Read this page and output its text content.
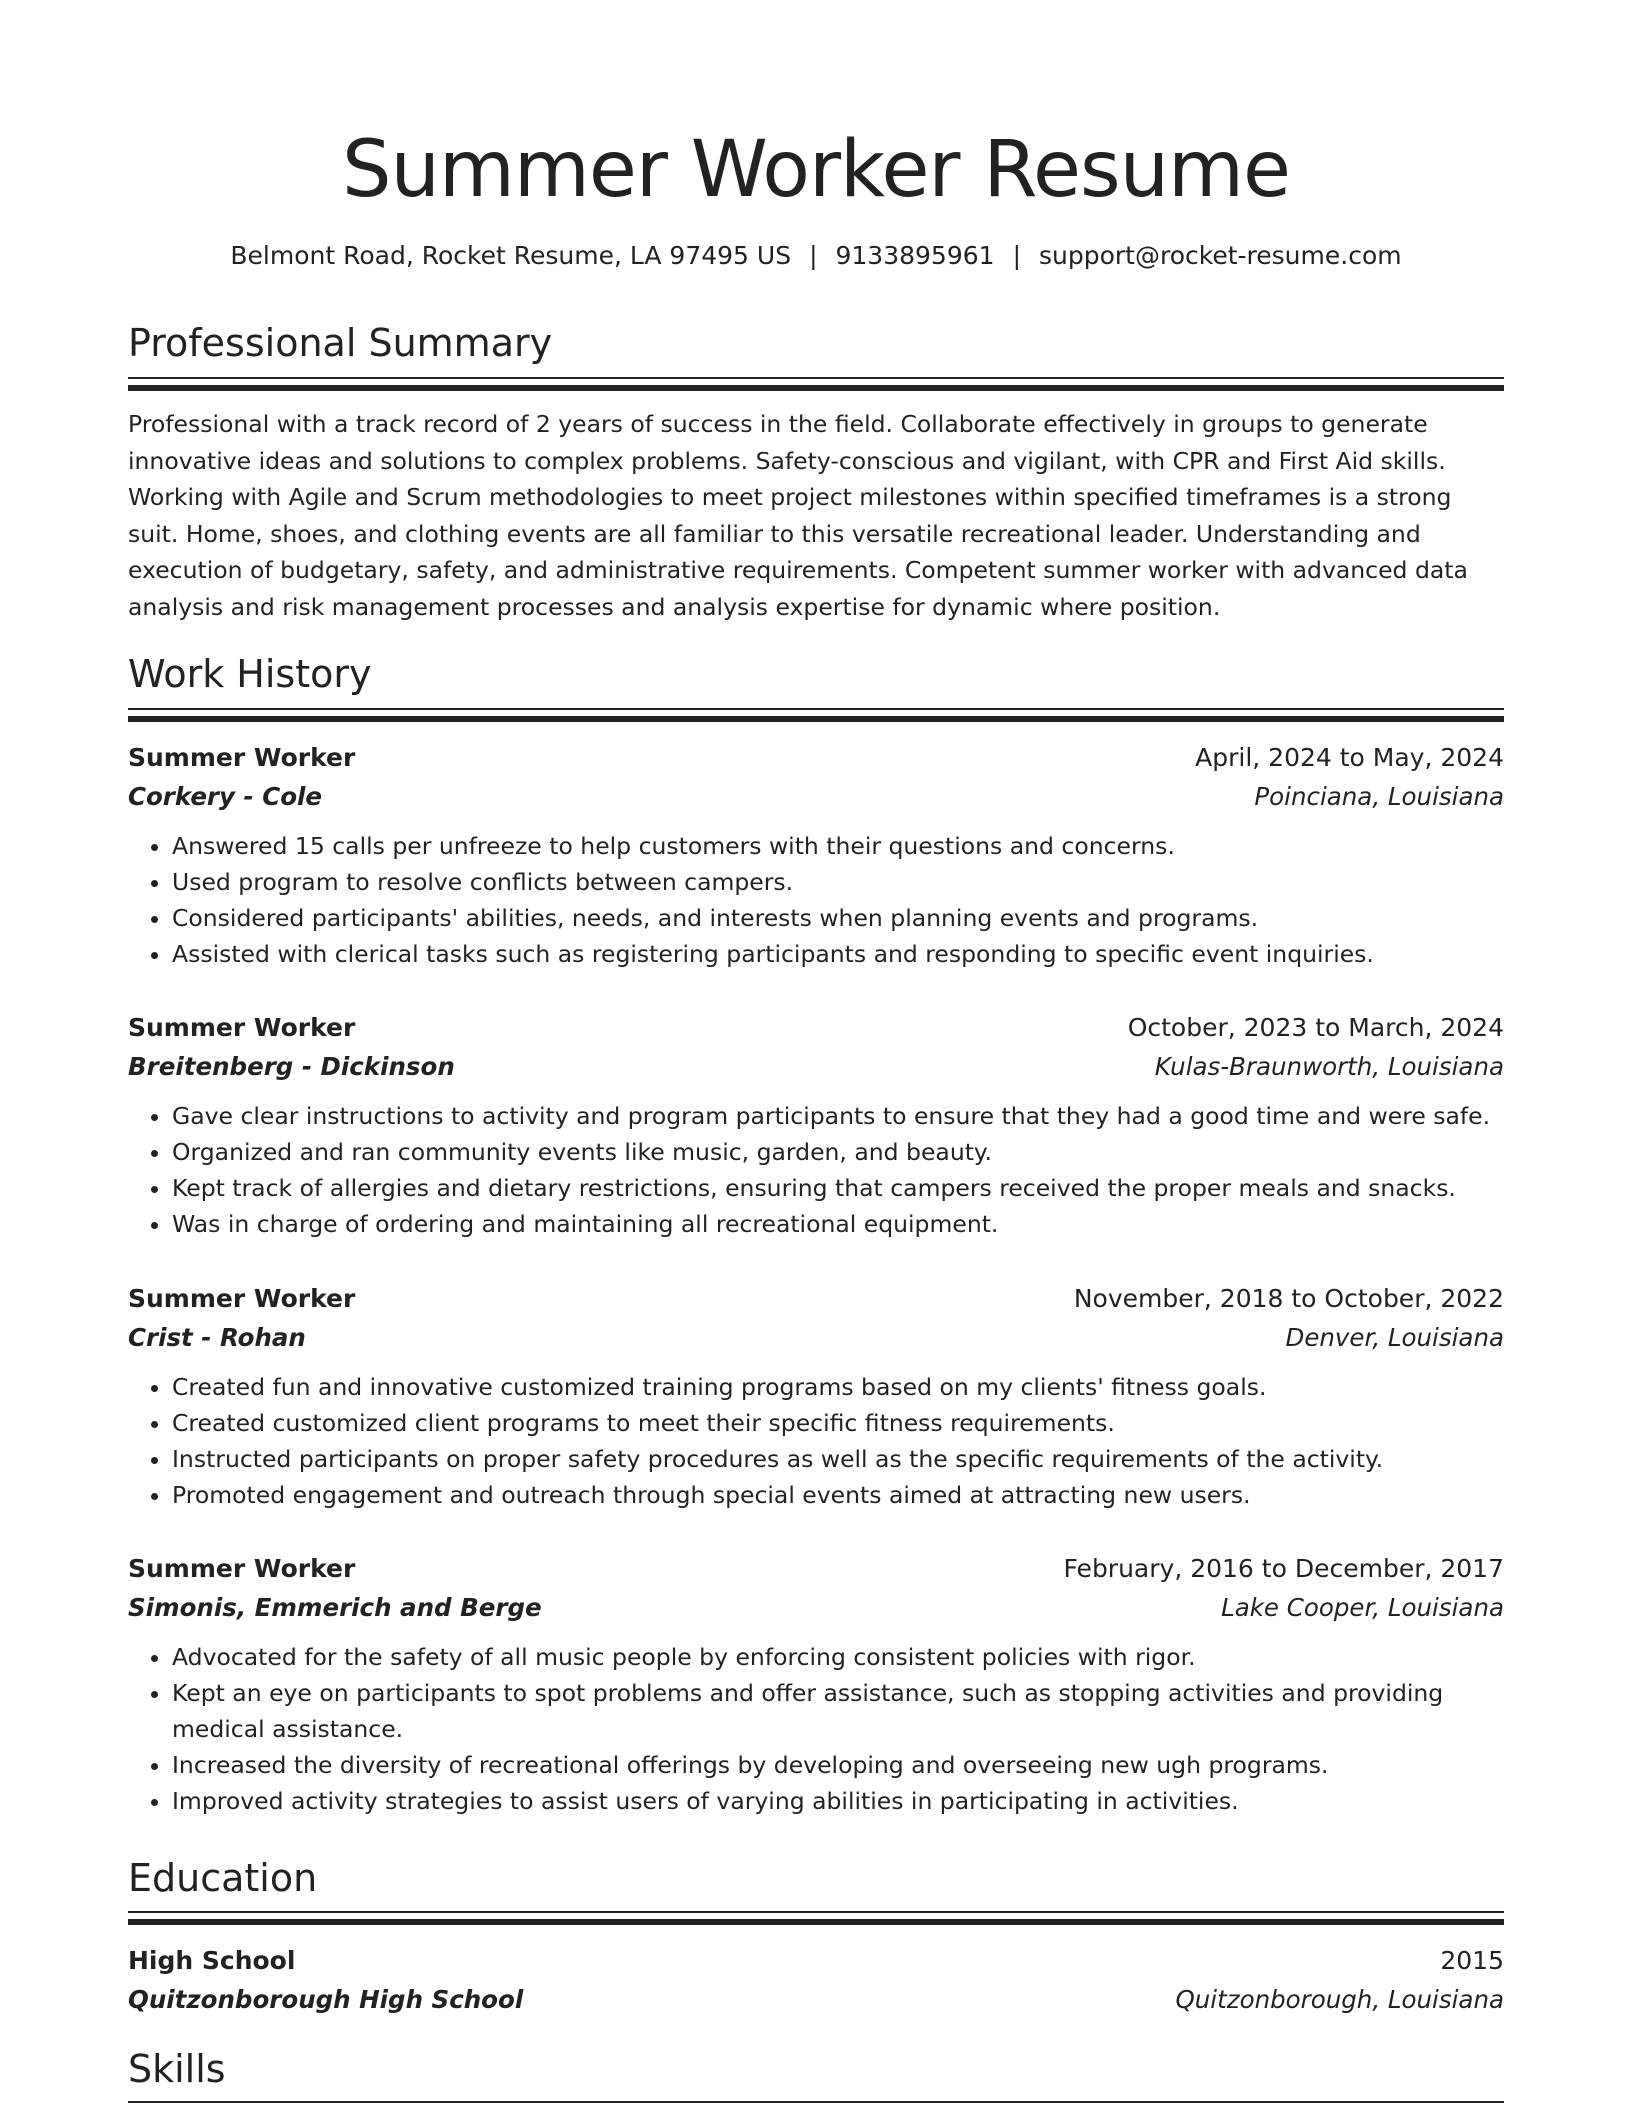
Summer Worker Resume
Belmont Road, Rocket Resume, LA 97495 US | 9133895961 | support@rocket-resume.com
Professional Summary

Professional with a track record of 2 years of success in the field. Collaborate effectively in groups to generate innovative ideas and solutions to complex problems. Safety-conscious and vigilant, with CPR and First Aid skills. Working with Agile and Scrum methodologies to meet project milestones within specified timeframes is a strong suit. Home, shoes, and clothing events are all familiar to this versatile recreational leader. Understanding and execution of budgetary, safety, and administrative requirements. Competent summer worker with advanced data analysis and risk management processes and analysis expertise for dynamic where position.

Work History
Summer Worker	April, 2024 to May, 2024
Corkery - Cole	Poinciana, Louisiana
• Answered 15 calls per unfreeze to help customers with their questions and concerns.
• Used program to resolve conflicts between campers.
• Considered participants' abilities, needs, and interests when planning events and programs.
• Assisted with clerical tasks such as registering participants and responding to specific event inquiries.
Summer Worker	October, 2023 to March, 2024
Breitenberg - Dickinson	Kulas-Braunworth, Louisiana
• Gave clear instructions to activity and program participants to ensure that they had a good time and were safe.
• Organized and ran community events like music, garden, and beauty.
• Kept track of allergies and dietary restrictions, ensuring that campers received the proper meals and snacks.
• Was in charge of ordering and maintaining all recreational equipment.
Summer Worker	November, 2018 to October, 2022
Crist - Rohan	Denver, Louisiana
• Created fun and innovative customized training programs based on my clients' fitness goals.
• Created customized client programs to meet their specific fitness requirements.
• Instructed participants on proper safety procedures as well as the specific requirements of the activity.
• Promoted engagement and outreach through special events aimed at attracting new users.
Summer Worker	February, 2016 to December, 2017
Simonis, Emmerich and Berge	Lake Cooper, Louisiana
• Advocated for the safety of all music people by enforcing consistent policies with rigor.
• Kept an eye on participants to spot problems and offer assistance, such as stopping activities and providing medical assistance.
• Increased the diversity of recreational offerings by developing and overseeing new ugh programs.
• Improved activity strategies to assist users of varying abilities in participating in activities.
Education
High School	2015
Quitzonborough High School	Quitzonborough, Louisiana
Skills
